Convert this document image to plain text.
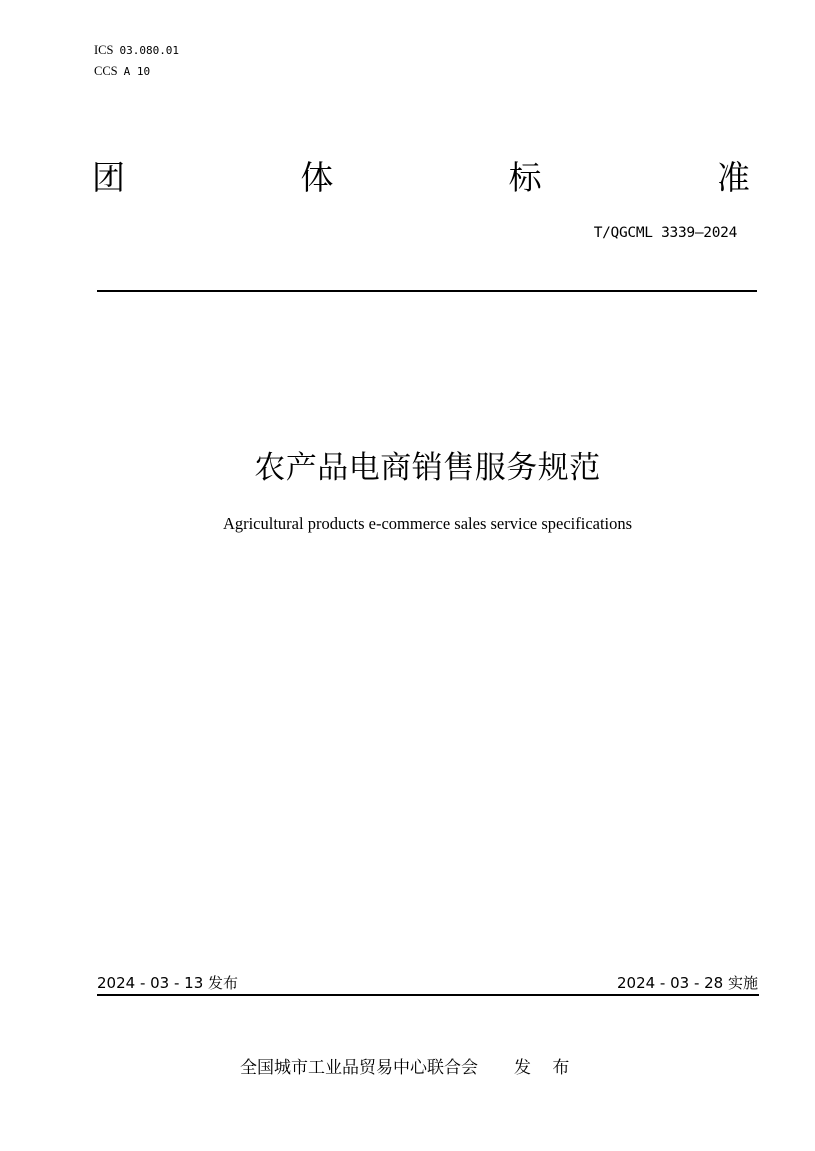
ICS 03.080.01
CCS A 10
团	体	标	准
T/QGCML 3339—2024
农产品电商销售服务规范
Agricultural products e-commerce sales service specifications
2024 - 03 - 13 发布	2024 - 03 - 28 实施
全国城市工业品贸易中心联合会 发 布
